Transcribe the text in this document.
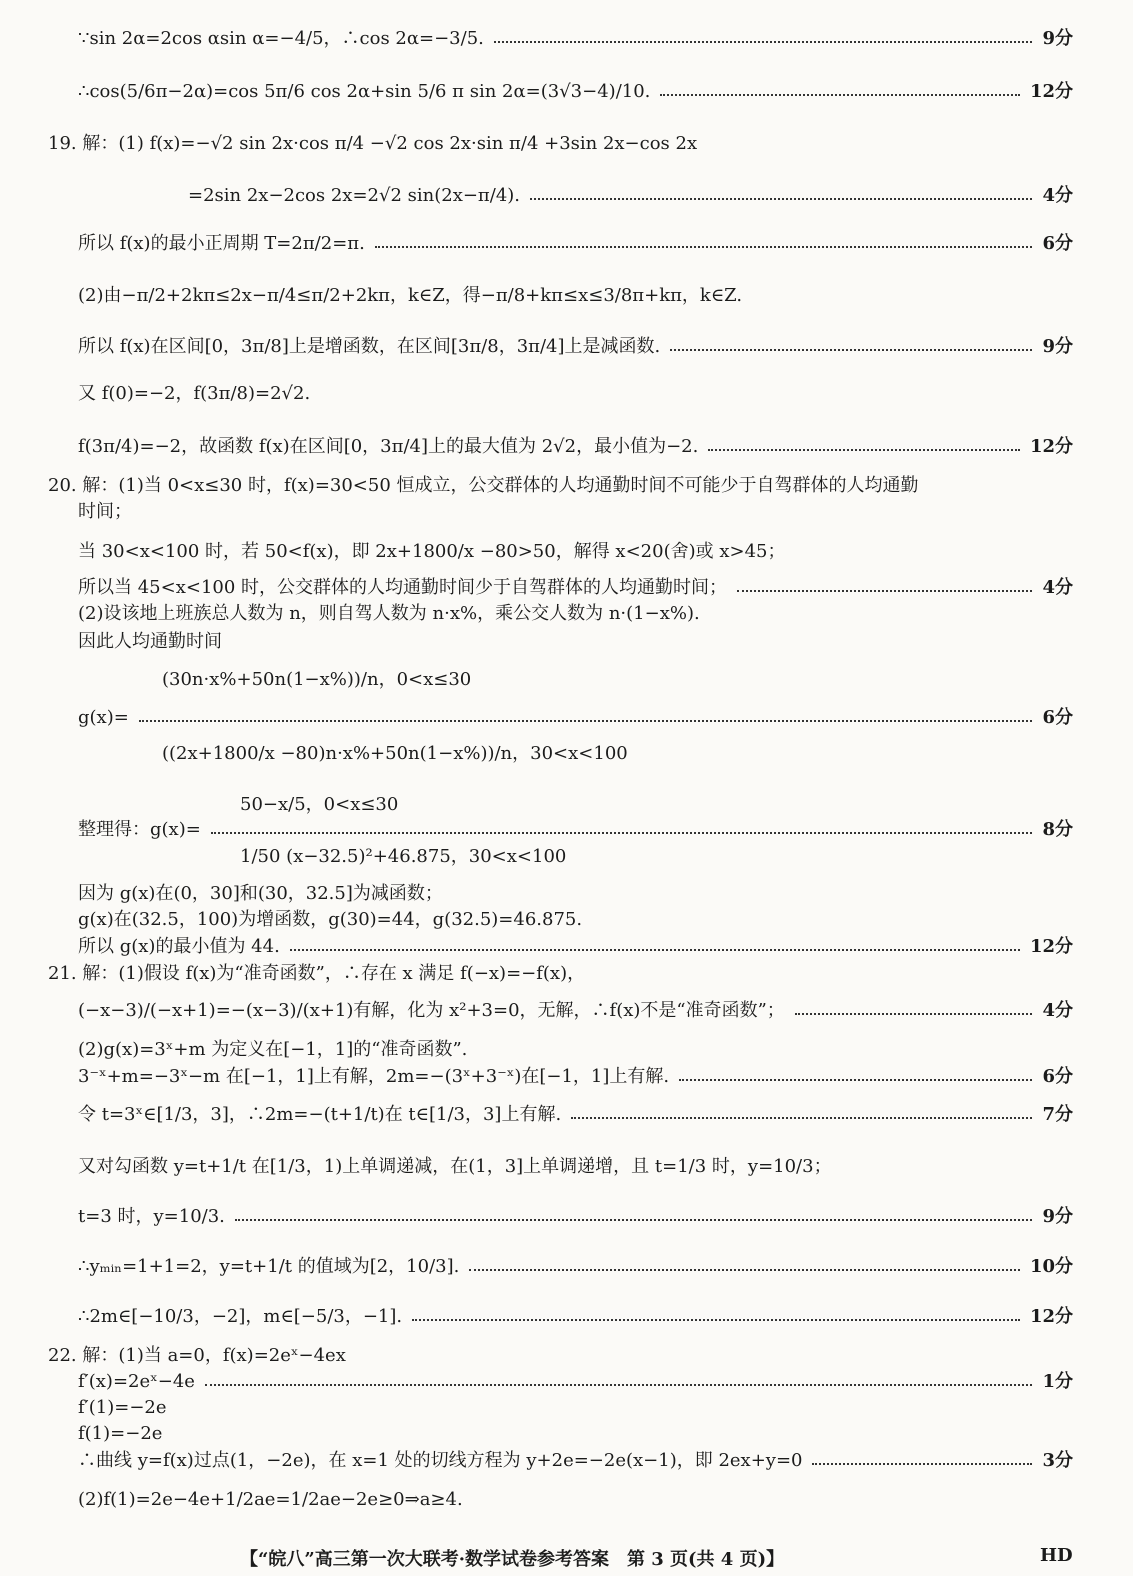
∵sin 2α=2cos αsin α=−4/5，∴cos 2α=−3/5.	9分
∴cos(5/6π−2α)=cos 5π/6 cos 2α+sin 5/6 π sin 2α=(3√3−4)/10.	12分
19. 解：(1) f(x)=−√2 sin 2x·cos π/4 −√2 cos 2x·sin π/4 +3sin 2x−cos 2x
=2sin 2x−2cos 2x=2√2 sin(2x−π/4).	4分
所以 f(x)的最小正周期 T=2π/2=π.	6分
(2)由−π/2+2kπ≤2x−π/4≤π/2+2kπ，k∈Z，得−π/8+kπ≤x≤3/8π+kπ，k∈Z.
所以 f(x)在区间[0，3π/8]上是增函数，在区间[3π/8，3π/4]上是减函数.	9分
又 f(0)=−2，f(3π/8)=2√2.
f(3π/4)=−2，故函数 f(x)在区间[0，3π/4]上的最大值为 2√2，最小值为−2.	12分
20. 解：(1)当 0<x≤30 时，f(x)=30<50 恒成立，公交群体的人均通勤时间不可能少于自驾群体的人均通勤
时间；
当 30<x<100 时，若 50<f(x)，即 2x+1800/x −80>50，解得 x<20(舍)或 x>45；
所以当 45<x<100 时，公交群体的人均通勤时间少于自驾群体的人均通勤时间；	4分
(2)设该地上班族总人数为 n，则自驾人数为 n·x%，乘公交人数为 n·(1−x%).
因此人均通勤时间
(30n·x%+50n(1−x%))/n，0<x≤30
g(x)=	6分
((2x+1800/x −80)n·x%+50n(1−x%))/n，30<x<100
50−x/5，0<x≤30
整理得：g(x)=	8分
1/50 (x−32.5)²+46.875，30<x<100
因为 g(x)在(0，30]和(30，32.5]为减函数；
g(x)在(32.5，100)为增函数，g(30)=44，g(32.5)=46.875.
所以 g(x)的最小值为 44.	12分
21. 解：(1)假设 f(x)为“准奇函数”，∴存在 x 满足 f(−x)=−f(x)，
(−x−3)/(−x+1)=−(x−3)/(x+1)有解，化为 x²+3=0，无解，∴f(x)不是“准奇函数”；	4分
(2)g(x)=3ˣ+m 为定义在[−1，1]的“准奇函数”.
3⁻ˣ+m=−3ˣ−m 在[−1，1]上有解，2m=−(3ˣ+3⁻ˣ)在[−1，1]上有解.	6分
令 t=3ˣ∈[1/3，3]，∴2m=−(t+1/t)在 t∈[1/3，3]上有解.	7分
又对勾函数 y=t+1/t 在[1/3，1)上单调递减，在(1，3]上单调递增，且 t=1/3 时，y=10/3；
t=3 时，y=10/3.	9分
∴yₘᵢₙ=1+1=2，y=t+1/t 的值域为[2，10/3].	10分
∴2m∈[−10/3，−2]，m∈[−5/3，−1].	12分
22. 解：(1)当 a=0，f(x)=2eˣ−4ex
f′(x)=2eˣ−4e	1分
f′(1)=−2e
f(1)=−2e
∴曲线 y=f(x)过点(1，−2e)，在 x=1 处的切线方程为 y+2e=−2e(x−1)，即 2ex+y=0	3分
(2)f(1)=2e−4e+1/2ae=1/2ae−2e≥0⇒a≥4.
【“皖八”高三第一次大联考·数学试卷参考答案　第 3 页(共 4 页)】	HD
